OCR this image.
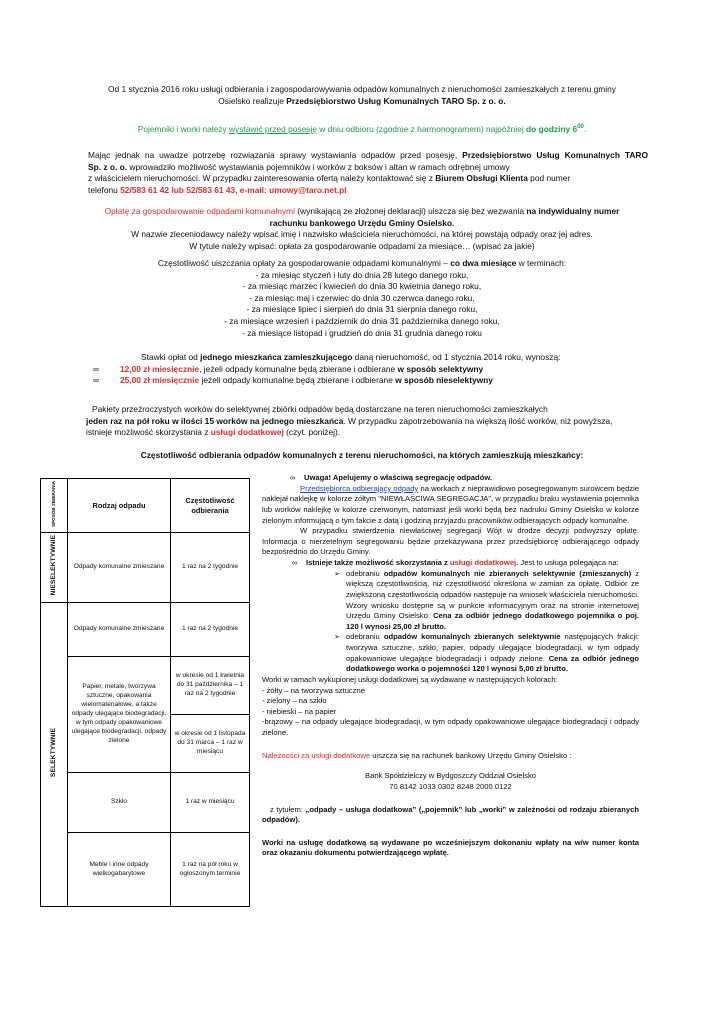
Od 1 stycznia 2016 roku usługi odbierania i zagospodarowywania odpadów komunalnych z nieruchomości zamieszkałych z terenu gminy

Osielsko realizuje Przedsiębiorstwo Usług Komunalnych TARO Sp. z o. o.

Pojemniki i worki należy wystawić przed posesję w dniu odbioru (zgodnie z harmonogramem) najpóźniej do godziny $6^{00}$.

Mając jednak na uwadze potrzebę rozwiązania sprawy wystawiania odpadów przed posesję, Przedsiębiorstwo Usług Komunalnych TARO

Sp. z o. o. wprowadziło możliwość wystawiania pojemników i worków z boksów i altan w ramach odrębnej umowy

z właścicielem nieruchomości. W przypadku zainteresowania ofertą należy kontaktować się z Biurem Obsługi Klienta pod numer

telefonu 52/583 61 42 lub 52/583 61 43, e-mail: umowy@taro.net.pl

Opłatę za gospodarowanie odpadami komunalnymi (wynikającą ze złożonej deklaracji) uiszcza się bez wezwania na indywidualny numer

rachunku bankowego Urzędu Gminy Osielsko.

W nazwie zleceniodawcy należy wpisać imię i nazwisko właściciela nieruchomości, na której powstają odpady oraz jej adres.

W tytule należy wpisać: opłata za gospodarowanie odpadami za miesiące… (wpisać za jakie)

Częstotliwość uiszczania opłaty za gospodarowanie odpadami komunalnymi – co dwa miesiące w terminach:

- za miesiąc styczeń i luty do dnia 28 lutego danego roku,

- za miesiąc marzec i kwiecień do dnia 30 kwietnia danego roku,

- za miesiąc maj i czerwiec do dnia 30 czerwca danego roku,

- za miesiące lipiec i sierpień do dnia 31 sierpnia danego roku,

- za miesiące wrzesień i październik do dnia 31 października danego roku,

- za miesiące listopad i grudzień do dnia 31 grudnia danego roku

Stawki opłat od jednego mieszkańca zamieszkującego daną nieruchomość, od 1 stycznia 2014 roku, wynoszą:

∞	12,00 zł miesięcznie, jeżeli odpady komunalne będą zbierane i odbierane w sposób selektywny

∞	25,00 zł miesięcznie jeżeli odpady komunalne będą zbierane i odbierane w sposób nieselektywny

Pakiety przeźroczystych worków do selektywnej zbiórki odpadów będą dostarczane na teren nieruchomości zamieszkałych

jeden raz na pół roku w ilości 15 worków na jednego mieszkańca. W przypadku zapotrzebowania na większą ilość worków, niż powyższa,

istnieje możliwość skorzystania z usługi dodatkowej (czyt. poniżej).

Częstotliwość odbierania odpadów komunalnych z terenu nieruchomości, na których zamieszkują mieszkańcy:
SPOSÓB ZBIERANIA	Rodzaj odpadu	Częstotliwość odbierania
NIESELEKTYWNIE	Odpady komunalne zmieszane	1 raz na 2 tygodnie
SELEKTYWNIE	Odpady komunalne zmieszane	1 raz na 2 tygodnie
	Papier, metale, tworzywa sztuczne, opakowania wielomateriałowe, a także odpady ulegające biodegradacji, w tym odpady opakowaniowe ulegające biodegradacji, odpady zielone	w okresie od 1 kwietnia do 31 października – 1 raz na 2 tygodnie
		w okresie od 1 listopada do 31 marca – 1 raz w miesiącu
	Szkło	1 raz w miesiącu
	Meble i inne odpady wielkogabarytowe	1 raz na pół roku w ogłoszonym terminie

∞ Uwaga! Apelujemy o właściwą segregację odpadów.

Przedsiębiorca odbierający odpady na workach z nieprawidłowo posegregowanym surowcem będzie naklejał naklejkę w kolorze żółtym "NIEWŁAŚCIWA SEGREGACJA", w przypadku braku wystawienia pojemnika lub worków naklejkę w kolorze czerwonym, natomiast jeśli worki będą bez nadruku Gminy Osielsko w kolorze zielonym informującą o tym fakcie z datą i godziną przyjazdu pracowników odbierających odpady komunalne.

W przypadku stwierdzenia niewłaściwej segregacji Wójt w drodze decyzji podwyższy opłatę. Informacja o nierzetelnym segregowaniu będzie przekazywana przez przedsiębiorcę odbierającego odpady bezpośrednio do Urzędu Gminy.

∞ Istnieje także możliwość skorzystania z usługi dodatkowej. Jest to usługa polegająca na:

➢ odebraniu odpadów komunalnych nie zbieranych selektywnie (zmieszanych) z większą częstotliwością, niż częstotliwość określona w zamian za opłatę. Odbiór ze zwiększoną częstotliwością odpadów następuje na wniosek właściciela nieruchomości. Wzory wniosku dostępne są w punkcie informacyjnym oraz na stronie internetowej Urzędu Gminy Osielsko. Cena za odbiór jednego dodatkowego pojemnika o poj. 120 l wynosi 25,00 zł brutto.

➢ odebraniu odpadów komunalnych zbieranych selektywnie następujących frakcji: tworzywa sztuczne, szkło, papier, odpady ulegające biodegradacji, w tym odpady opakowaniowe ulegające biodegradacji i odpady zielone. Cena za odbiór jednego dodatkowego worka o pojemności 120 l wynosi 5,00 zł brutto.

Worki w ramach wykupionej usługi dodatkowej są wydawane w następujących kolorach:

- żółty – na tworzywa sztuczne

- zielony – na szkło

- niebieski – na papier

-brązowy – na odpady ulegające biodegradacji, w tym odpady opakowaniowe ulegające biodegradacji i odpady zielone.

Należności za usługi dodatkowe uiszcza się na rachunek bankowy Urzędu Gminy Osielsko :

Bank Spółdzielczy w Bydgoszczy Oddział Osielsko

70 8142 1033 0302 8248 2000 0122

z tytułem: „odpady – usługa dodatkowa” („pojemnik” lub „worki” w zależności od rodzaju zbieranych odpadów).

Worki na usługę dodatkową są wydawane po wcześniejszym dokonaniu wpłaty na w/w numer konta oraz okazaniu dokumentu potwierdzającego wpłatę.
